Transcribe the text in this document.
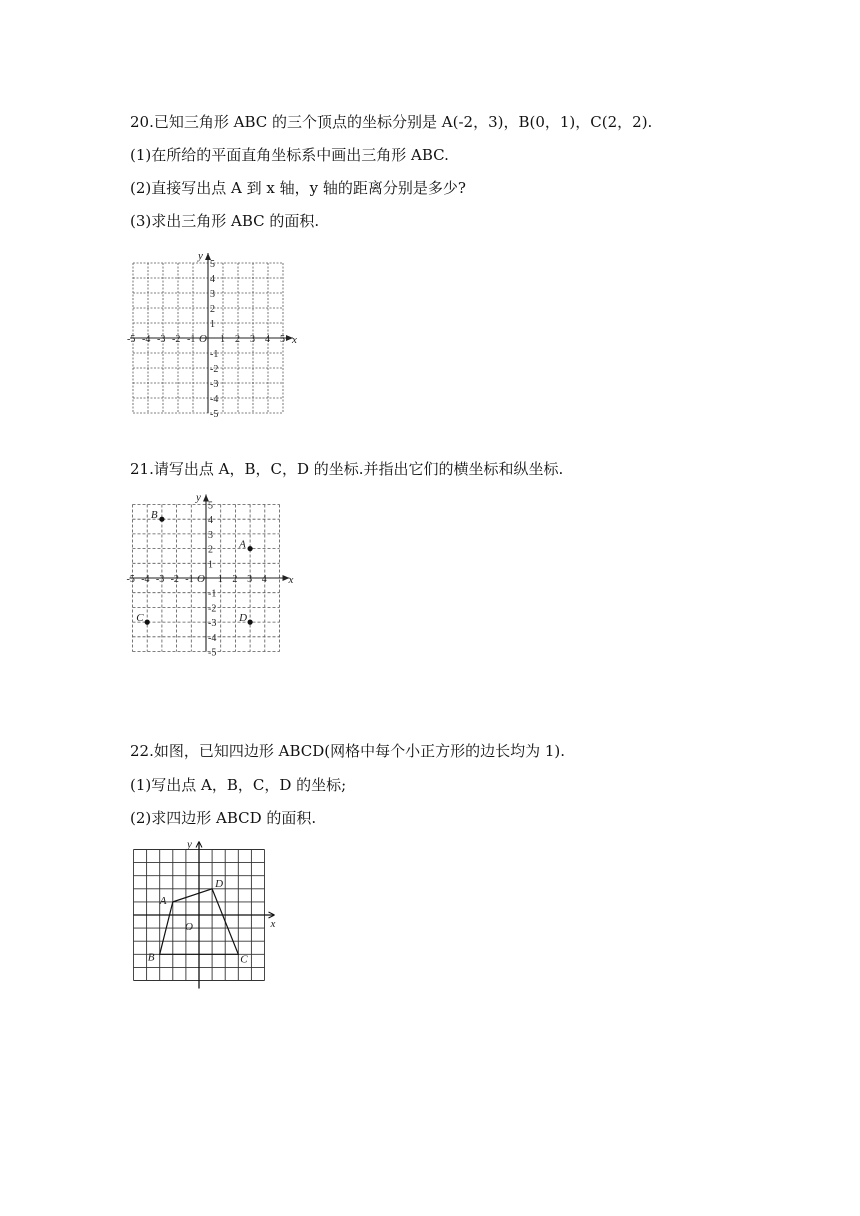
20.已知三角形 ABC 的三个顶点的坐标分别是 A(-2，3)，B(0，1)，C(2，2).
(1)在所给的平面直角坐标系中画出三角形 ABC.
(2)直接写出点 A 到 x 轴，y 轴的距离分别是多少?
(3)求出三角形 ABC 的面积.
x
y
O
-5 -4 -3 -2 -1 1 2 3 4 5
5
4
3
2
1
-1
-2
-3
-4
-5
21.请写出点 A，B，C，D 的坐标.并指出它们的横坐标和纵坐标.
x
y
O
-5 -4 -3 -2 -1 1 2 3 4
5
4
3
2
1
-1
-2
-3
-4
-5
A
B
C	D
22.如图，已知四边形 ABCD(网格中每个小正方形的边长均为 1).
(1)写出点 A，B，C，D 的坐标;
(2)求四边形 ABCD 的面积.
x
y
O
A
B	C
D
